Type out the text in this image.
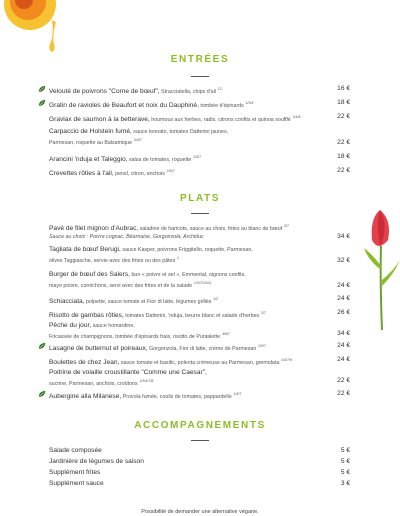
ENTRÉES
Velouté de poivrons "Corne de bœuf", Stracciatella, chips d'ail $^{12}$	16 €
Gratin de ravioles de Beaufort et noix du Dauphiné, tombée d'épinards $^{1/3/4}$	18 €
Gravlax de saumon à la betterave, houmous aux herbes, radis, citrons confits et quinoa soufflé $^{1/4/8}$	22 €
Carpaccio de Holstein fumé, sauce tonnato, tomates Datterini jaunes,
Parmesan, roquette au Balsamique $^{3/4/7}$	22 €
Arancini 'nduja et Taleggio, salsa de tomates, roquette $^{1/3/7}$	18 €
Crevettes rôties à l'ail, persil, citron, anchois $^{2/4/7}$	22 €
PLATS
Pavé de filet mignon d'Aubrac, saladine de haricots, sauce au choix, frites au blanc de bœuf $^{3/7}$
Sauce au choix : Poivre cognac, Béarnaise, Gorgonzola, Archiduc	34 €
Tagliata de bœuf Berugi, sauce Kasper, poivrons Friggitello, roquette, Parmesan,
olives Taggiasche, servie avec des frites ou des pâtes $^1$	32 €
Burger de bœuf des Salers, bun « poivre et sel », Emmental, oignons confits,
mayo poivre, cornichons, servi avec des frites et de la salade $^{1/3/7/10/11}$	24 €
Schiacciata, polpette, sauce tomate et Fior di latte, légumes grillés $^{1/2}$	24 €
Risotto de gambas rôties, tomates Datterini, 'nduja, beurre blanc et salade d'herbes $^{2/7}$	26 €
Pêche du jour, sauce homardine,
Fricassée de champignons, tombée d'épinards frais, risotto de Puntalette $^{4/6/7}$	34 €
Lasagne de butternut et poireaux, Gorgonzola, Fior di latte, crème de Parmesan $^{1/3/7}$	24 €
Boulettes de chez Jean, sauce tomate et basilic, polenta crémeuse au Parmesan, gremolata $^{1/3/7/9}$	24 €
Poitrine de volaille croustillante "Comme une Caesar",
sucrine, Parmesan, anchois, croûtons $^{1/3/4/7/8}$	22 €
Aubergine alla Milanese, Provola fumée, coulis de tomates, pappardelle $^{1/3/7}$	22 €
ACCOMPAGNEMENTS
Salade composée	5 €
Jardinière de légumes de saison	5 €
Supplément frites	5 €
Supplément sauce	3 €
Possibilité de demander une alternative végane.
